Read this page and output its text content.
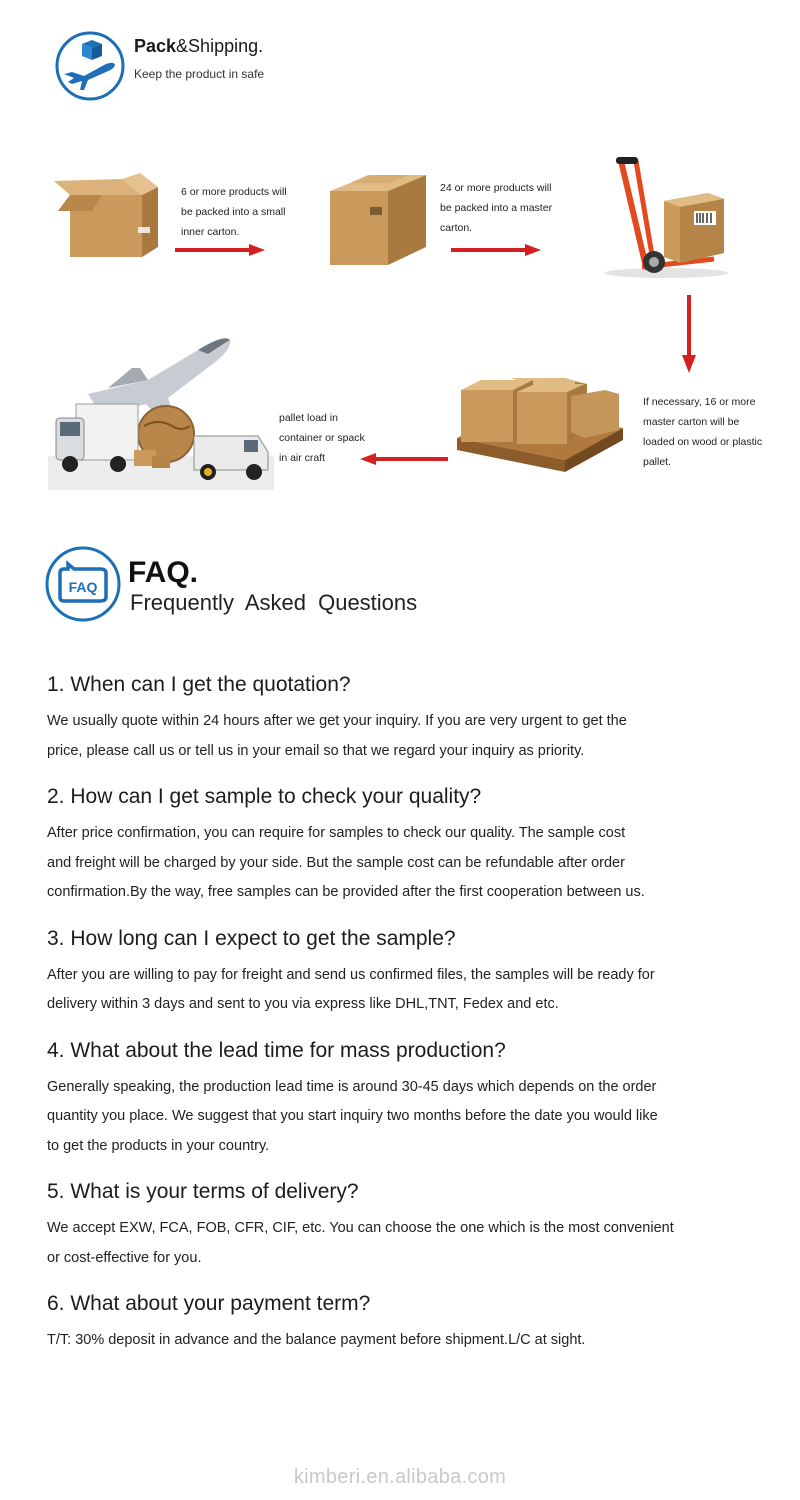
Pack&Shipping.
Keep the product in safe
6 or more products will
be packed into a small
inner carton.
24 or more products will
be packed into a master
carton.
If necessary, 16 or more
master carton will be
loaded on wood or plastic
pallet.
pallet load in
container or spack
in air craft
FAQ FAQ.
Frequently Asked Questions
1. When can I get the quotation?
We usually quote within 24 hours after we get your inquiry. If you are very urgent to get the
price, please call us or tell us in your email so that we regard your inquiry as priority.
2. How can I get sample to check your quality?
After price confirmation, you can require for samples to check our quality. The sample cost
and freight will be charged by your side. But the sample cost can be refundable after order
confirmation.By the way, free samples can be provided after the first cooperation between us.
3. How long can I expect to get the sample?
After you are willing to pay for freight and send us confirmed files, the samples will be ready for
delivery within 3 days and sent to you via express like DHL,TNT, Fedex and etc.
4. What about the lead time for mass production?
Generally speaking, the production lead time is around 30-45 days which depends on the order
quantity you place. We suggest that you start inquiry two months before the date you would like
to get the products in your country.
5. What is your terms of delivery?
We accept EXW, FCA, FOB, CFR, CIF, etc. You can choose the one which is the most convenient
or cost-effective for you.
6. What about your payment term?
T/T: 30% deposit in advance and the balance payment before shipment.L/C at sight.
kimberi.en.alibaba.com
